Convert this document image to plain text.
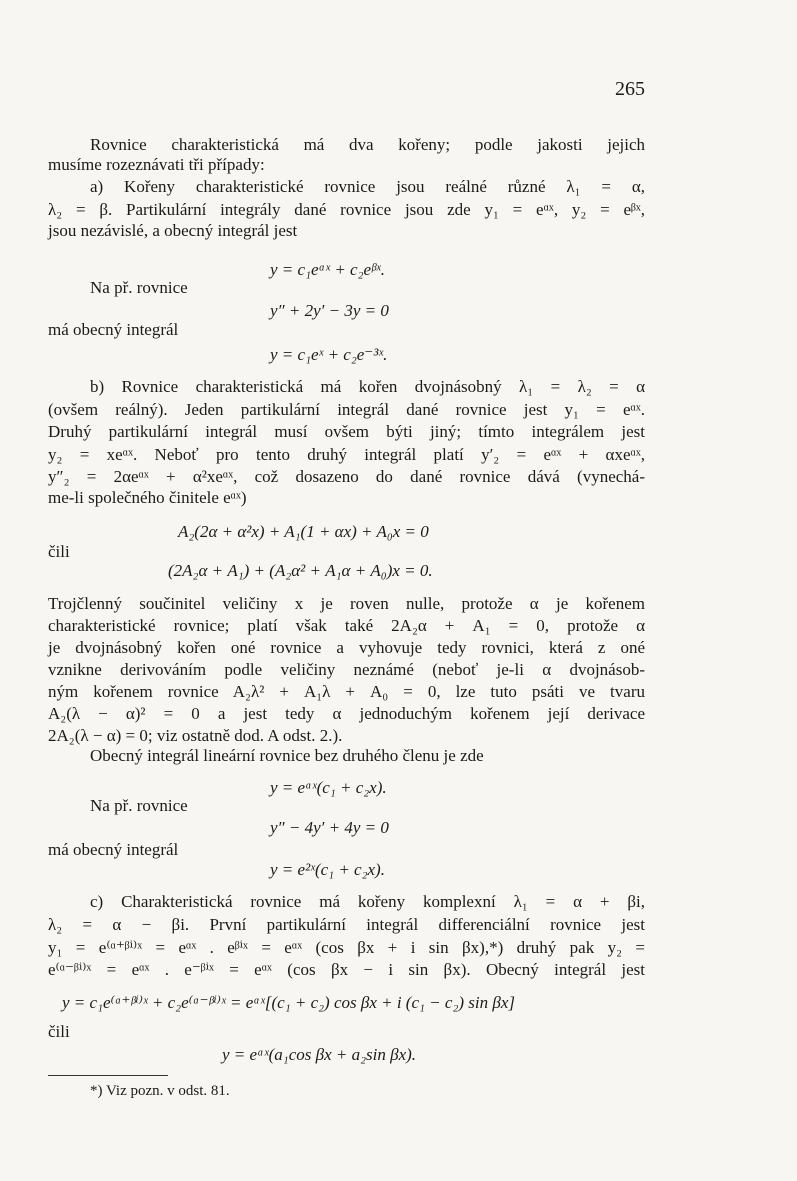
265
Rovnice charakteristická má dva kořeny; podle jakosti jejich
musíme rozeznávati tři případy:
a) Kořeny charakteristické rovnice jsou reálné různé λ₁ = α,
λ₂ = β. Partikulární integrály dané rovnice jsou zde y₁ = eᵅˣ, y₂ = eᵝˣ,
jsou nezávislé, a obecný integrál jest
y = c₁eᵅˣ + c₂eᵝˣ.
Na př. rovnice
y″ + 2y′ − 3y = 0
má obecný integrál
y = c₁eˣ + c₂e⁻³ˣ.
b) Rovnice charakteristická má kořen dvojnásobný λ₁ = λ₂ = α
(ovšem reálný). Jeden partikulární integrál dané rovnice jest y₁ = eᵅˣ.
Druhý partikulární integrál musí ovšem býti jiný; tímto integrálem jest
y₂ = xeᵅˣ. Neboť pro tento druhý integrál platí y′₂ = eᵅˣ + αxeᵅˣ,
y″₂ = 2αeᵅˣ + α²xeᵅˣ, což dosazeno do dané rovnice dává (vynechá-
me-li společného činitele eᵅˣ)
A₂(2α + α²x) + A₁(1 + αx) + A₀x = 0
čili
(2A₂α + A₁) + (A₂α² + A₁α + A₀)x = 0.
Trojčlenný součinitel veličiny x je roven nulle, protože α je kořenem
charakteristické rovnice; platí však také 2A₂α + A₁ = 0, protože α
je dvojnásobný kořen oné rovnice a vyhovuje tedy rovnici, která z oné
vznikne derivováním podle veličiny neznámé (neboť je-li α dvojnásob-
ným kořenem rovnice A₂λ² + A₁λ + A₀ = 0, lze tuto psáti ve tvaru
A₂(λ − α)² = 0 a jest tedy α jednoduchým kořenem její derivace
2A₂(λ − α) = 0; viz ostatně dod. A odst. 2.).
Obecný integrál lineární rovnice bez druhého členu je zde
y = eᵅˣ(c₁ + c₂x).
Na př. rovnice
y″ − 4y′ + 4y = 0
má obecný integrál
y = e²ˣ(c₁ + c₂x).
c) Charakteristická rovnice má kořeny komplexní λ₁ = α + βi,
λ₂ = α − βi. První partikulární integrál differenciální rovnice jest
y₁ = e⁽ᵅ⁺ᵝⁱ⁾ˣ = eᵅˣ . eᵝⁱˣ = eᵅˣ (cos βx + i sin βx),*) druhý pak y₂ =
e⁽ᵅ⁻ᵝⁱ⁾ˣ = eᵅˣ . e⁻ᵝⁱˣ = eᵅˣ (cos βx − i sin βx). Obecný integrál jest
y = c₁e⁽ᵅ⁺ᵝⁱ⁾ˣ + c₂e⁽ᵅ⁻ᵝⁱ⁾ˣ = eᵅˣ[(c₁ + c₂) cos βx + i (c₁ − c₂) sin βx]
čili
y = eᵅˣ(a₁cos βx + a₂sin βx).
*) Viz pozn. v odst. 81.
